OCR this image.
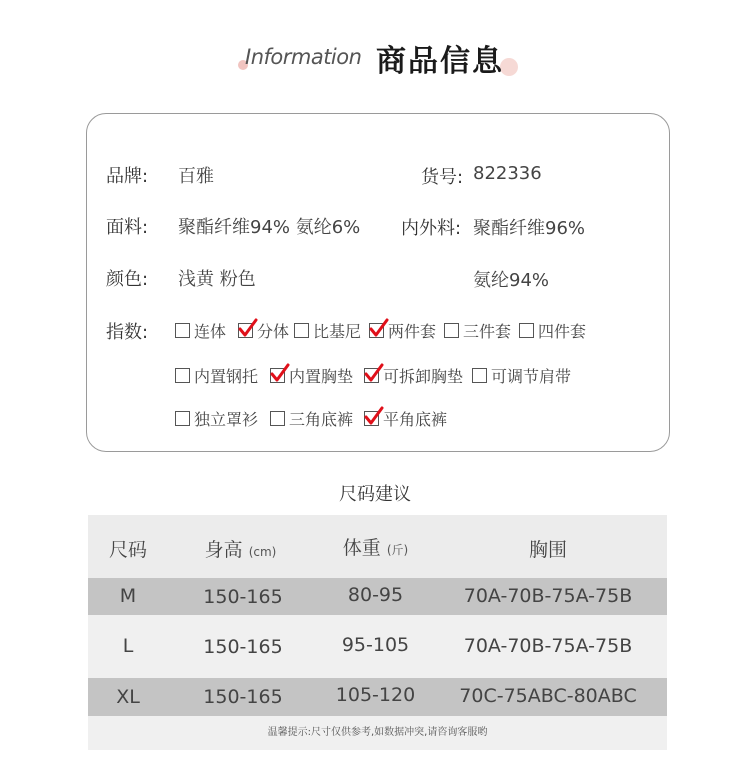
Information 商品信息
品牌: 百雅	货号: 822336
面料: 聚酯纤维94% 氨纶6% 内外料: 聚酯纤维96%
颜色: 浅黄 粉色	氨纶94%
指数:	连体 分体 比基尼 两件套 三件套 四件套
内置钢托 内置胸垫 可拆卸胸垫 可调节肩带
独立罩衫 三角底裤 平角底裤
尺码建议
尺码	身高 (cm)	体重 (斤)	胸围
M	150-165	80-95	70A-70B-75A-75B
L	150-165	95-105	70A-70B-75A-75B
XL	150-165	105-120	70C-75ABC-80ABC
温馨提示:尺寸仅供参考,如数据冲突,请咨询客服哟
